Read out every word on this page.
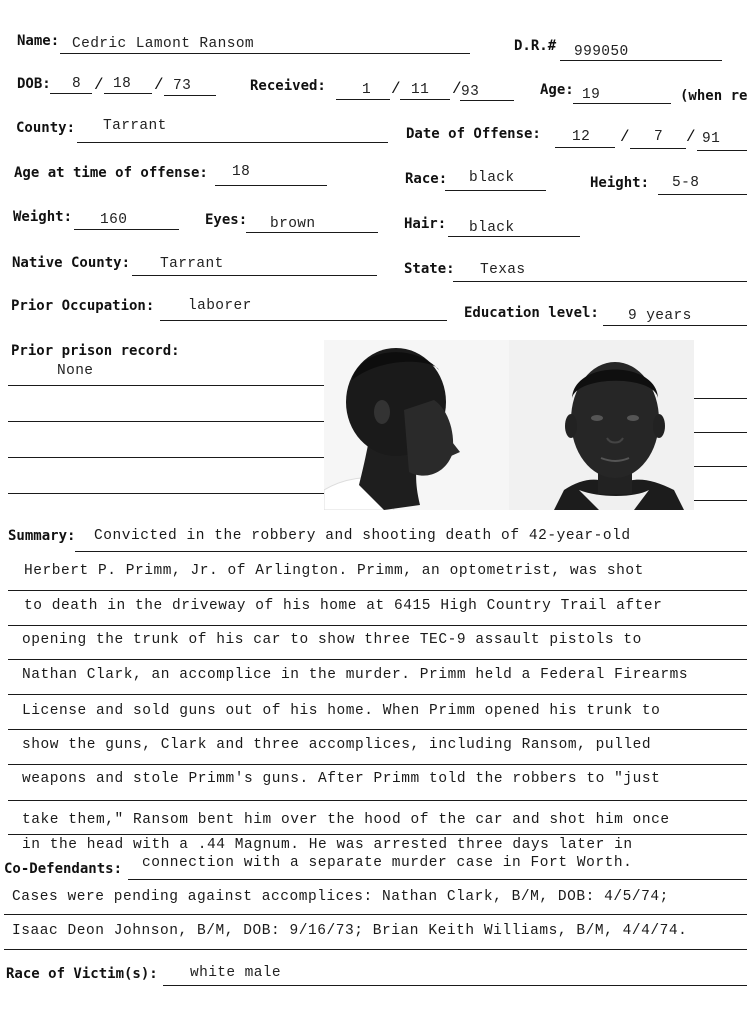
Name: Cedric Lamont Ransom	D.R.# 999050
DOB: 8 / 18 / 73	Received: 1 / 11 / 93	Age: 19	(when re
County: Tarrant	Date of Offense: 12 / 7 / 91
Age at time of offense: 18	Race: black	Height: 5-8
Weight: 160	Eyes: brown	Hair: black
Native County: Tarrant	State: Texas
Prior Occupation: laborer	Education level: 9 years
Prior prison record:
None
Summary: Convicted in the robbery and shooting death of 42-year-old
Herbert P. Primm, Jr. of Arlington. Primm, an optometrist, was shot
to death in the driveway of his home at 6415 High Country Trail after
opening the trunk of his car to show three TEC-9 assault pistols to
Nathan Clark, an accomplice in the murder. Primm held a Federal Firearms
License and sold guns out of his home. When Primm opened his trunk to
show the guns, Clark and three accomplices, including Ransom, pulled
weapons and stole Primm's guns. After Primm told the robbers to "just
take them," Ransom bent him over the hood of the car and shot him once
in the head with a .44 Magnum. He was arrested three days later in
Co-Defendants: connection with a separate murder case in Fort Worth.
Cases were pending against accomplices: Nathan Clark, B/M, DOB: 4/5/74;
Isaac Deon Johnson, B/M, DOB: 9/16/73; Brian Keith Williams, B/M, 4/4/74.
Race of Victim(s): white male
